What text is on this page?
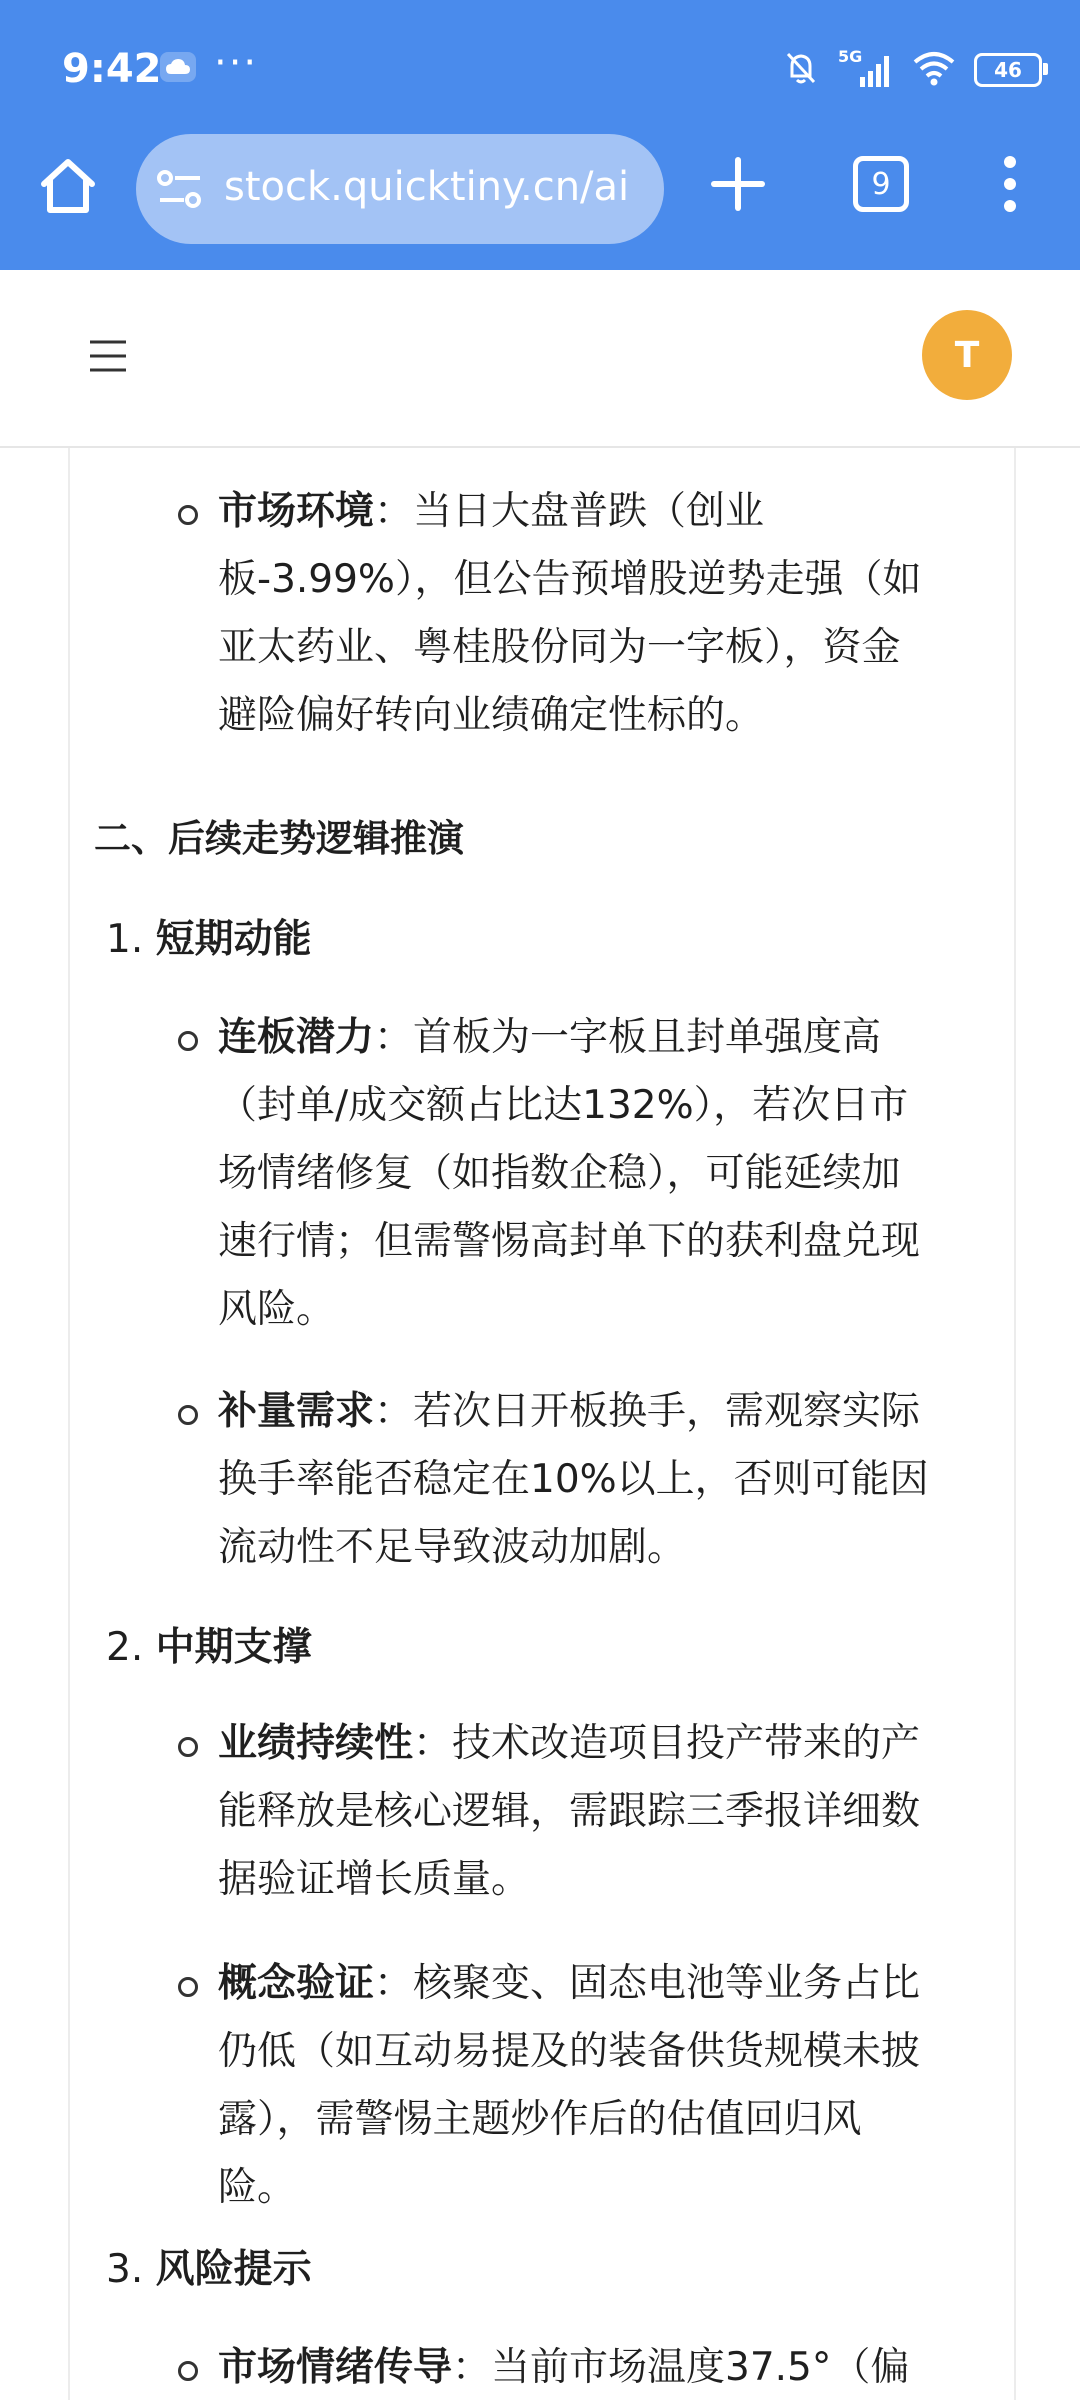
9:42 ···	5G
46
stock.quicktiny.cn/ai	9
T
市场环境：当日大盘普跌（创业
板-3.99%），但公告预增股逆势走强（如
亚太药业、粤桂股份同为一字板），资金
避险偏好转向业绩确定性标的。
二、后续走势逻辑推演
1. 短期动能
连板潜力：首板为一字板且封单强度高
（封单/成交额占比达132%），若次日市
场情绪修复（如指数企稳），可能延续加
速行情；但需警惕高封单下的获利盘兑现
风险。
补量需求：若次日开板换手，需观察实际
换手率能否稳定在10%以上，否则可能因
流动性不足导致波动加剧。
2. 中期支撑
业绩持续性：技术改造项目投产带来的产
能释放是核心逻辑，需跟踪三季报详细数
据验证增长质量。
概念验证：核聚变、固态电池等业务占比
仍低（如互动易提及的装备供货规模未披
露），需警惕主题炒作后的估值回归风
险。
3. 风险提示
市场情绪传导：当前市场温度37.5°（偏
